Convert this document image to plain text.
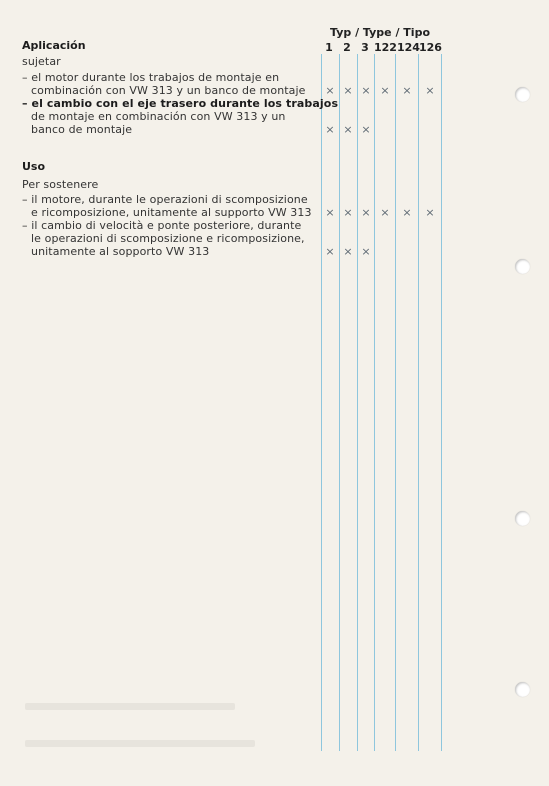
Typ / Type / Tipo
1 2 3 122 124 126
Aplicación
sujetar
– el motor durante los trabajos de montaje en
combinación con VW 313 y un banco de montaje
– el cambio con el eje trasero durante los trabajos
de montaje en combinación con VW 313 y un
banco de montaje
× × × × × ×
× × ×
Uso
Per sostenere
– il motore, durante le operazioni di scomposizione
e ricomposizione, unitamente al supporto VW 313
– il cambio di velocità e ponte posteriore, durante
le operazioni di scomposizione e ricomposizione,
unitamente al sopporto VW 313
× × × × × ×
× × ×
